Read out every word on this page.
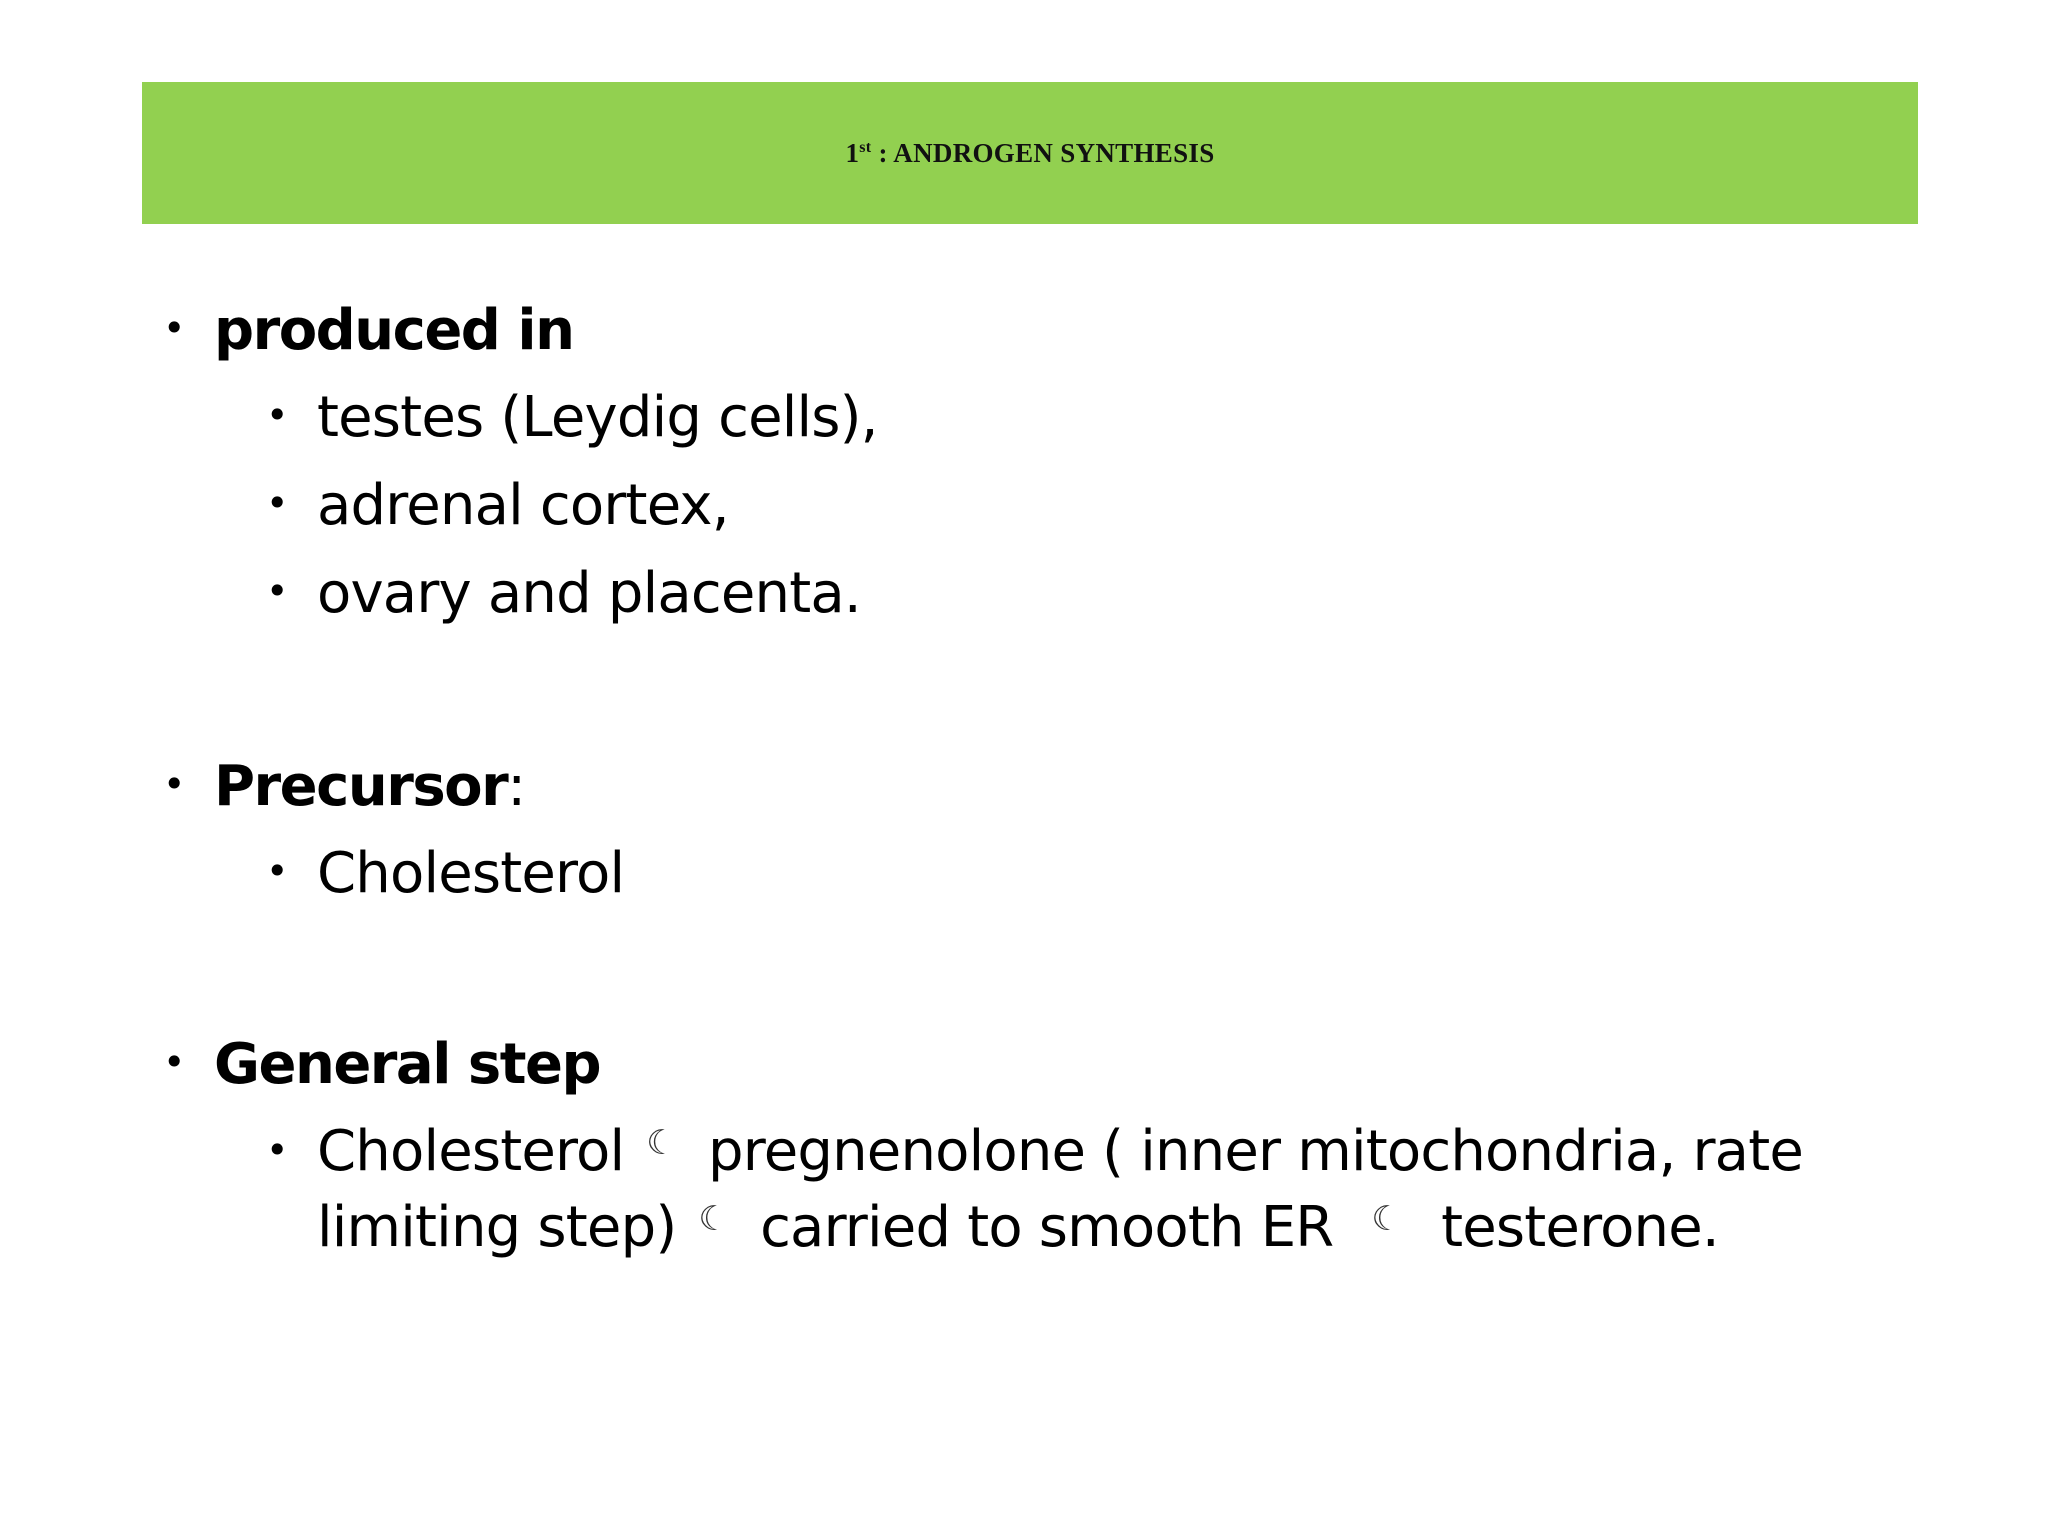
1st : ANDROGEN SYNTHESIS
• produced in
• testes (Leydig cells),
• adrenal cortex,
• ovary and placenta.
• Precursor:
• Cholesterol
• General step
• Cholesterol ☾ pregnenolone ( inner mitochondria, rate
limiting step) ☾ carried to smooth ER ☾ testerone.
